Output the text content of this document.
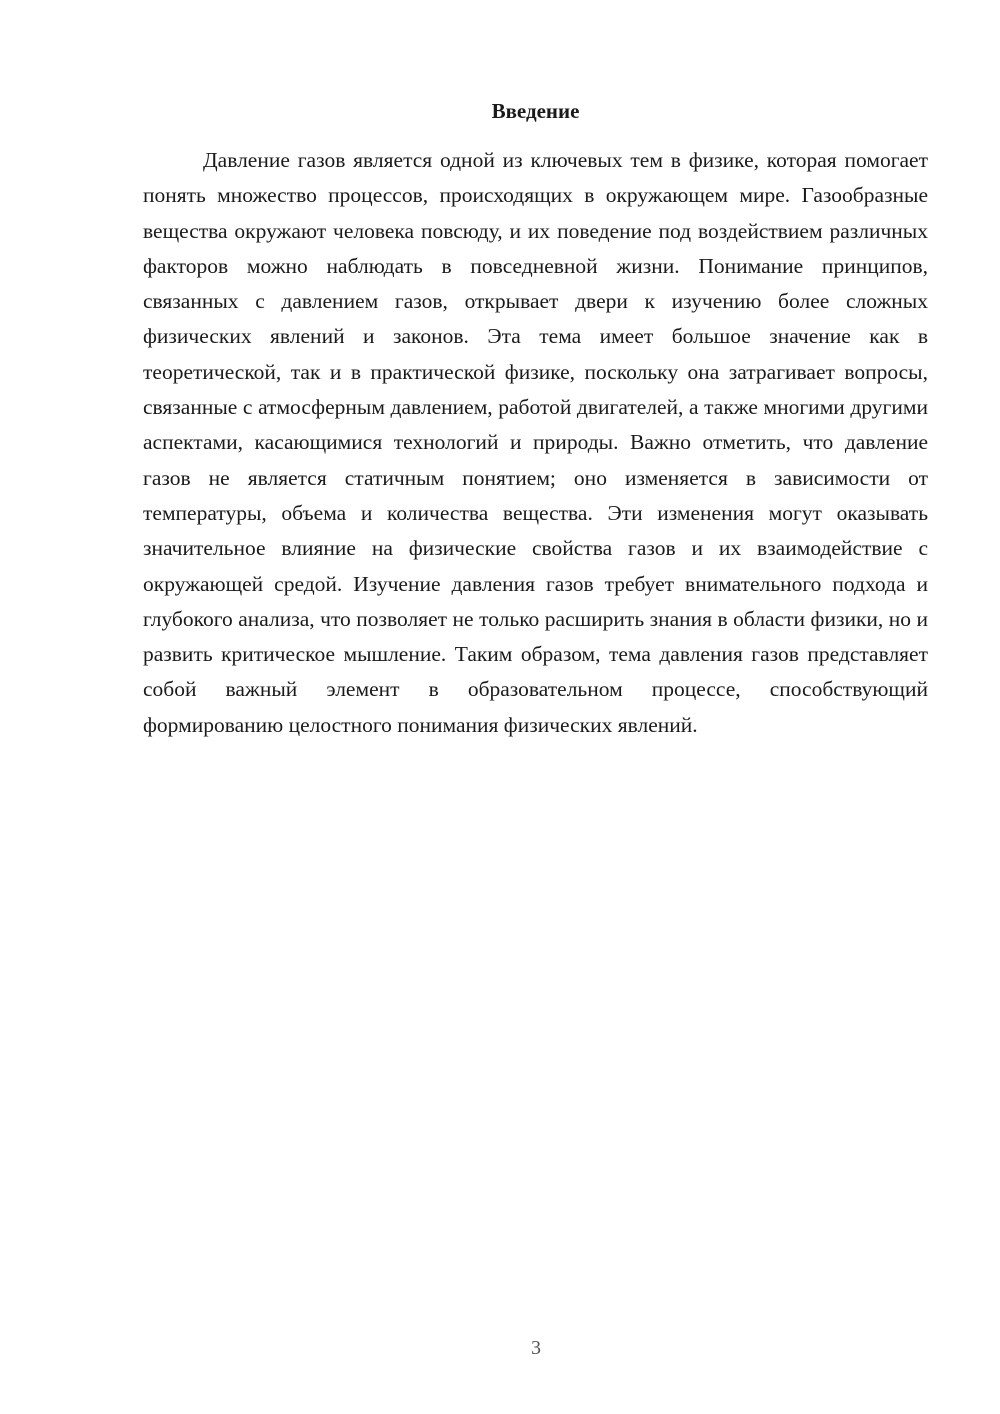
Введение

Давление газов является одной из ключевых тем в физике, которая помогает понять множество процессов, происходящих в окружающем мире. Газообразные вещества окружают человека повсюду, и их поведение под воздействием различных факторов можно наблюдать в повседневной жизни. Понимание принципов, связанных с давлением газов, открывает двери к изучению более сложных физических явлений и законов. Эта тема имеет большое значение как в теоретической, так и в практической физике, поскольку она затрагивает вопросы, связанные с атмосферным давлением, работой двигателей, а также многими другими аспектами, касающимися технологий и природы. Важно отметить, что давление газов не является статичным понятием; оно изменяется в зависимости от температуры, объема и количества вещества. Эти изменения могут оказывать значительное влияние на физические свойства газов и их взаимодействие с окружающей средой. Изучение давления газов требует внимательного подхода и глубокого анализа, что позволяет не только расширить знания в области физики, но и развить критическое мышление. Таким образом, тема давления газов представляет собой важный элемент в образовательном процессе, способствующий формированию целостного понимания физических явлений.

3
